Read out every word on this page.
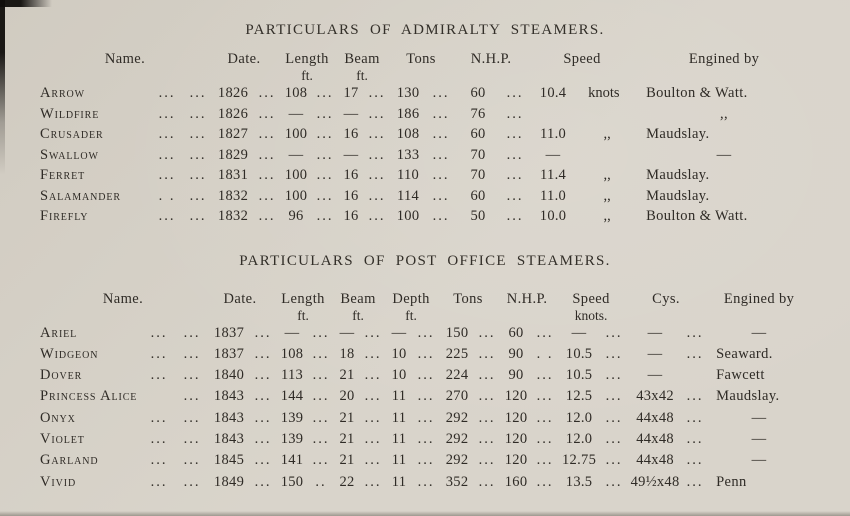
PARTICULARS OF ADMIRALTY STEAMERS.
Name.	Date.	Length
ft.

Beam
ft.

Tons	N.H.P.	Speed	Engined by

Arrow	...	...	1826	...	108	...	17	...	130	...	60	...	10.4	knots	Boulton & Watt.
Wildfire	...	...	1826	...	—	...	—	...	186	...	76	...			,,
Crusader	...	...	1827	...	100	...	16	...	108	...	60	...	11.0	,,	Maudslay.
Swallow	...	...	1829	...	—	...	—	...	133	...	70	...	—		—
Ferret	...	...	1831	...	100	...	16	...	110	...	70	...	11.4	,,	Maudslay.
Salamander	. .	...	1832	...	100	...	16	...	114	...	60	...	11.0	,,	Maudslay.
Firefly	...	...	1832	...	96	...	16	...	100	...	50	...	10.0	,,	Boulton & Watt.
PARTICULARS OF POST OFFICE STEAMERS.
Name.	Date.	Length
ft.

Beam
ft.

Depth
ft.

Tons	N.H.P.	Speed
knots.

Cys.	Engined by

Ariel	...	...	1837	...	—	...	—	...	—	...	150	...	60	...	—	...	—	...	—
Widgeon	...	...	1837	...	108	...	18	...	10	...	225	...	90	. .	10.5	...	—	...	Seaward.
Dover	...	...	1840	...	113	...	21	...	10	...	224	...	90	...	10.5	...	—		Fawcett
Princess Alice		...	1843	...	144	...	20	...	11	...	270	...	120	...	12.5	...	43x42	...	Maudslay.
Onyx	...	...	1843	...	139	...	21	...	11	...	292	...	120	...	12.0	...	44x48	...	—
Violet	...	...	1843	...	139	...	21	...	11	...	292	...	120	...	12.0	...	44x48	...	—
Garland	...	...	1845	...	141	...	21	...	11	...	292	...	120	...	12.75	...	44x48	...	—
Vivid	...	...	1849	...	150	..	22	...	11	...	352	...	160	...	13.5	...	49½x48	...	Penn
